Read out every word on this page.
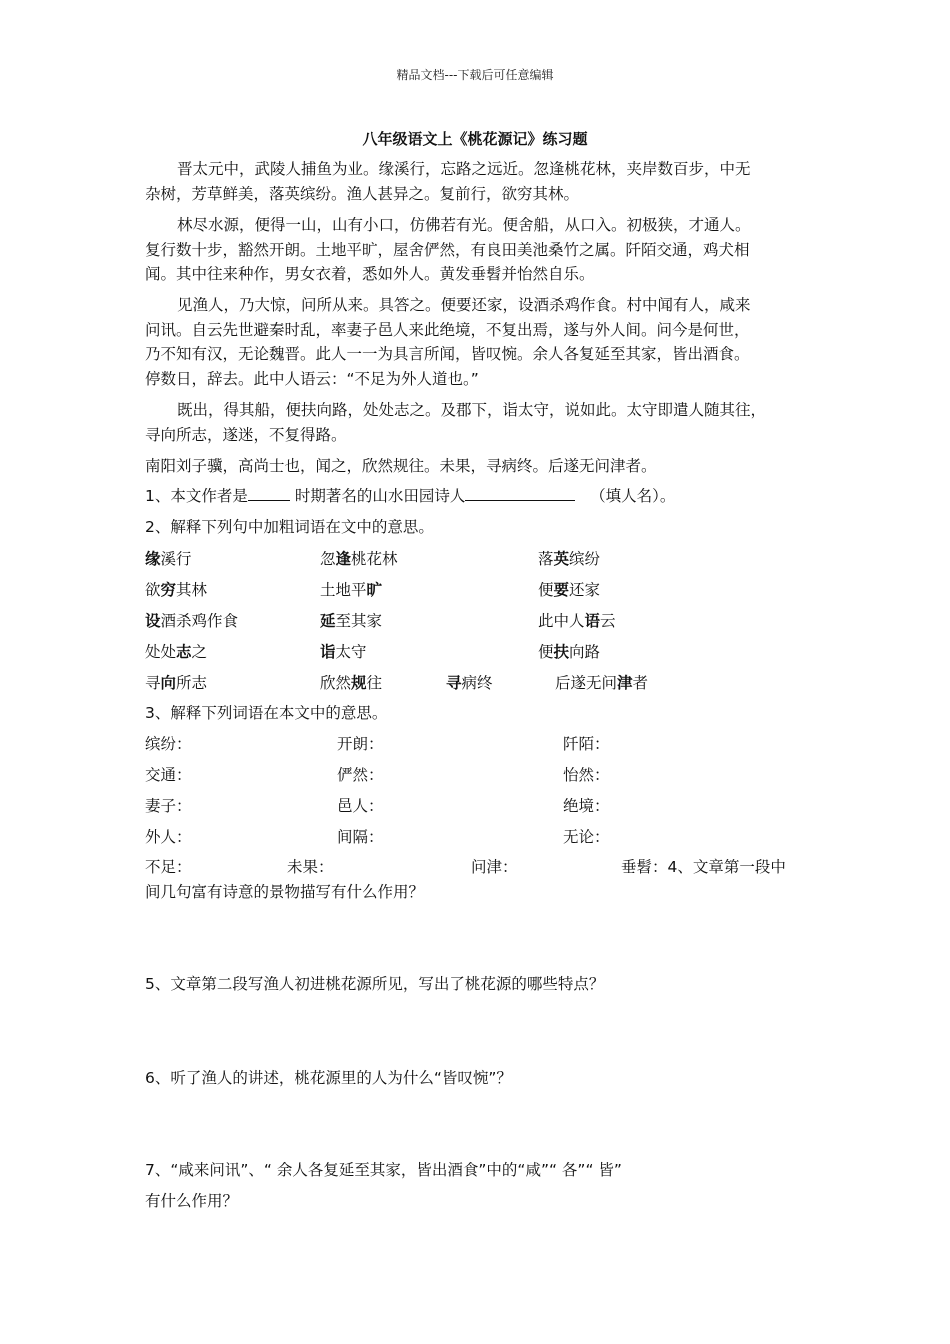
精品文档---下载后可任意编辑
八年级语文上《桃花源记》练习题
晋太元中，武陵人捕鱼为业。缘溪行，忘路之远近。忽逢桃花林，夹岸数百步，中无
杂树，芳草鲜美，落英缤纷。渔人甚异之。复前行，欲穷其林。
林尽水源，便得一山，山有小口，仿佛若有光。便舍船，从口入。初极狭，才通人。
复行数十步，豁然开朗。土地平旷，屋舍俨然，有良田美池桑竹之属。阡陌交通，鸡犬相
闻。其中往来种作，男女衣着，悉如外人。黄发垂髫并怡然自乐。
见渔人，乃大惊，问所从来。具答之。便要还家，设酒杀鸡作食。村中闻有人，咸来
问讯。自云先世避秦时乱，率妻子邑人来此绝境，不复出焉，遂与外人间。问今是何世，
乃不知有汉，无论魏晋。此人一一为具言所闻，皆叹惋。余人各复延至其家，皆出酒食。
停数日，辞去。此中人语云：“不足为外人道也。”
既出，得其船，便扶向路，处处志之。及郡下，诣太守，说如此。太守即遣人随其往，
寻向所志，遂迷，不复得路。
南阳刘子骥，高尚士也，闻之，欣然规往。未果，寻病终。后遂无问津者。
1、本文作者是	时期著名的山水田园诗人	（填人名）。
2、解释下列句中加粗词语在文中的意思。
缘溪行	忽逢桃花林	落英缤纷
欲穷其林	土地平旷	便要还家
设酒杀鸡作食	延至其家	此中人语云
处处志之	诣太守	便扶向路
寻向所志	欣然规往	寻病终	后遂无问津者
3、解释下列词语在本文中的意思。
缤纷：	开朗：	阡陌：
交通：	俨然：	怡然：
妻子：	邑人：	绝境：
外人：	间隔：	无论：
不足：	未果：	问津：	垂髫：4、文章第一段中
间几句富有诗意的景物描写有什么作用？
5、文章第二段写渔人初进桃花源所见，写出了桃花源的哪些特点？
6、听了渔人的讲述，桃花源里的人为什么“皆叹惋”？
7、“咸来问讯”、“ 余人各复延至其家，皆出酒食”中的“咸”“ 各”“ 皆”
有什么作用？
